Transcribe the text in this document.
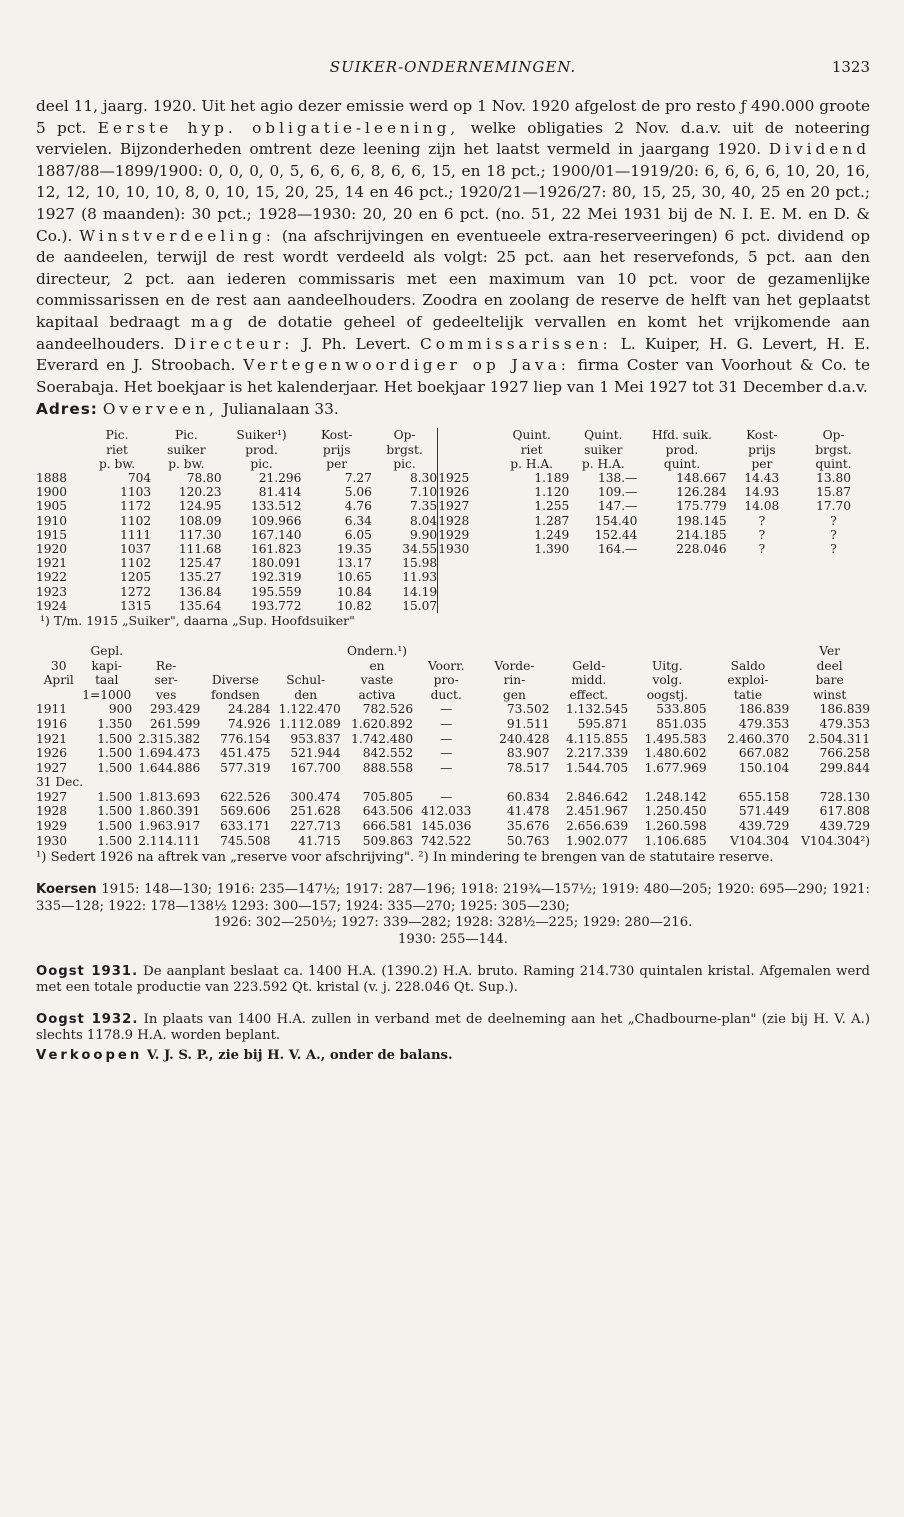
SUIKER-ONDERNEMINGEN.	1323

deel 11, jaarg. 1920. Uit het agio dezer emissie werd op 1 Nov. 1920 afgelost de pro resto ƒ 490.000 groote 5 pct. Eerste hyp. obligatie-leening, welke obligaties 2 Nov. d.a.v. uit de noteering vervielen. Bijzonderheden omtrent deze leening zijn het laatst vermeld in jaargang 1920. Dividend 1887/88—1899/1900: 0, 0, 0, 0, 5, 6, 6, 6, 8, 6, 6, 15, en 18 pct.; 1900/01—1919/20: 6, 6, 6, 6, 10, 20, 16, 12, 12, 10, 10, 10, 8, 0, 10, 15, 20, 25, 14 en 46 pct.; 1920/21—1926/27: 80, 15, 25, 30, 40, 25 en 20 pct.; 1927 (8 maanden): 30 pct.; 1928—1930: 20, 20 en 6 pct. (no. 51, 22 Mei 1931 bij de N. I. E. M. en D. & Co.). Winstverdeeling: (na afschrijvingen en eventueele extra-reserveeringen) 6 pct. dividend op de aandeelen, terwijl de rest wordt verdeeld als volgt: 25 pct. aan het reservefonds, 5 pct. aan den directeur, 2 pct. aan iederen commissaris met een maximum van 10 pct. voor de gezamenlijke commissarissen en de rest aan aandeelhouders. Zoodra en zoolang de reserve de helft van het geplaatst kapitaal bedraagt mag de dotatie geheel of gedeeltelijk vervallen en komt het vrijkomende aan aandeelhouders. Directeur: J. Ph. Levert. Commissarissen: L. Kuiper, H. G. Levert, H. E. Everard en J. Stroobach. Vertegenwoordiger op Java: firma Coster van Voorhout & Co. te Soerabaja. Het boekjaar is het kalenderjaar. Het boekjaar 1927 liep van 1 Mei 1927 tot 31 December d.a.v.

Adres: Overveen, Julianalaan 33.

	Pic.	Pic.	Suiker¹)	Kost-	Op-		Quint.	Quint.	Hfd. suik.	Kost-	Op-
	riet	suiker	prod.	prijs	brgst.		riet	suiker	prod.	prijs	brgst.
	p. bw.	p. bw.	pic.	per	pic.		p. H.A.	p. H.A.	quint.	per	quint.
1888	704	78.80	21.296	7.27	8.30	1925	1.189	138.—	148.667	14.43	13.80
1900	1103	120.23	81.414	5.06	7.10	1926	1.120	109.—	126.284	14.93	15.87
1905	1172	124.95	133.512	4.76	7.35	1927	1.255	147.—	175.779	14.08	17.70
1910	1102	108.09	109.966	6.34	8.04	1928	1.287	154.40	198.145	?	?
1915	1111	117.30	167.140	6.05	9.90	1929	1.249	152.44	214.185	?	?
1920	1037	111.68	161.823	19.35	34.55	1930	1.390	164.—	228.046	?	?
1921	1102	125.47	180.091	13.17	15.98						
1922	1205	135.27	192.319	10.65	11.93						
1923	1272	136.84	195.559	10.84	14.19						
1924	1315	135.64	193.772	10.82	15.07						

¹) T/m. 1915 „Suiker", daarna „Sup. Hoofdsuiker"

	Gepl.				Ondern.¹)						Ver
30	kapi-	Re-			en	Voorr.	Vorde-	Geld-	Uitg.	Saldo	deel
April	taal	ser-	Diverse	Schul-	vaste	pro-	rin-	midd.	volg.	exploi-	bare
	1=1000	ves	fondsen	den	activa	duct.	gen	effect.	oogstj.	tatie	winst
1911	900	293.429	24.284	1.122.470	782.526	—	73.502	1.132.545	533.805	186.839	186.839
1916	1.350	261.599	74.926	1.112.089	1.620.892	—	91.511	595.871	851.035	479.353	479.353
1921	1.500	2.315.382	776.154	953.837	1.742.480	—	240.428	4.115.855	1.495.583	2.460.370	2.504.311
1926	1.500	1.694.473	451.475	521.944	842.552	—	83.907	2.217.339	1.480.602	667.082	766.258
1927	1.500	1.644.886	577.319	167.700	888.558	—	78.517	1.544.705	1.677.969	150.104	299.844
31 Dec.											
1927	1.500	1.813.693	622.526	300.474	705.805	—	60.834	2.846.642	1.248.142	655.158	728.130
1928	1.500	1.860.391	569.606	251.628	643.506	412.033	41.478	2.451.967	1.250.450	571.449	617.808
1929	1.500	1.963.917	633.171	227.713	666.581	145.036	35.676	2.656.639	1.260.598	439.729	439.729
1930	1.500	2.114.111	745.508	41.715	509.863	742.522	50.763	1.902.077	1.106.685	V104.304	V104.304²)

¹) Sedert 1926 na aftrek van „reserve voor afschrijving". ²) In mindering te brengen van de statutaire reserve.

Koersen 1915: 148—130; 1916: 235—147½; 1917: 287—196; 1918: 219¾—157½; 1919: 480—205; 1920: 695—290; 1921: 335—128; 1922: 178—138½ 1293: 300—157; 1924: 335—270; 1925: 305—230;
1926: 302—250½; 1927: 339—282; 1928: 328½—225; 1929: 280—216.
1930: 255—144.

Oogst 1931. De aanplant beslaat ca. 1400 H.A. (1390.2) H.A. bruto. Raming 214.730 quintalen kristal. Afgemalen werd met een totale productie van 223.592 Qt. kristal (v. j. 228.046 Qt. Sup.).

Oogst 1932. In plaats van 1400 H.A. zullen in verband met de deelneming aan het „Chadbourne-plan" (zie bij H. V. A.) slechts 1178.9 H.A. worden beplant.

Verkoopen V. J. S. P., zie bij H. V. A., onder de balans.
